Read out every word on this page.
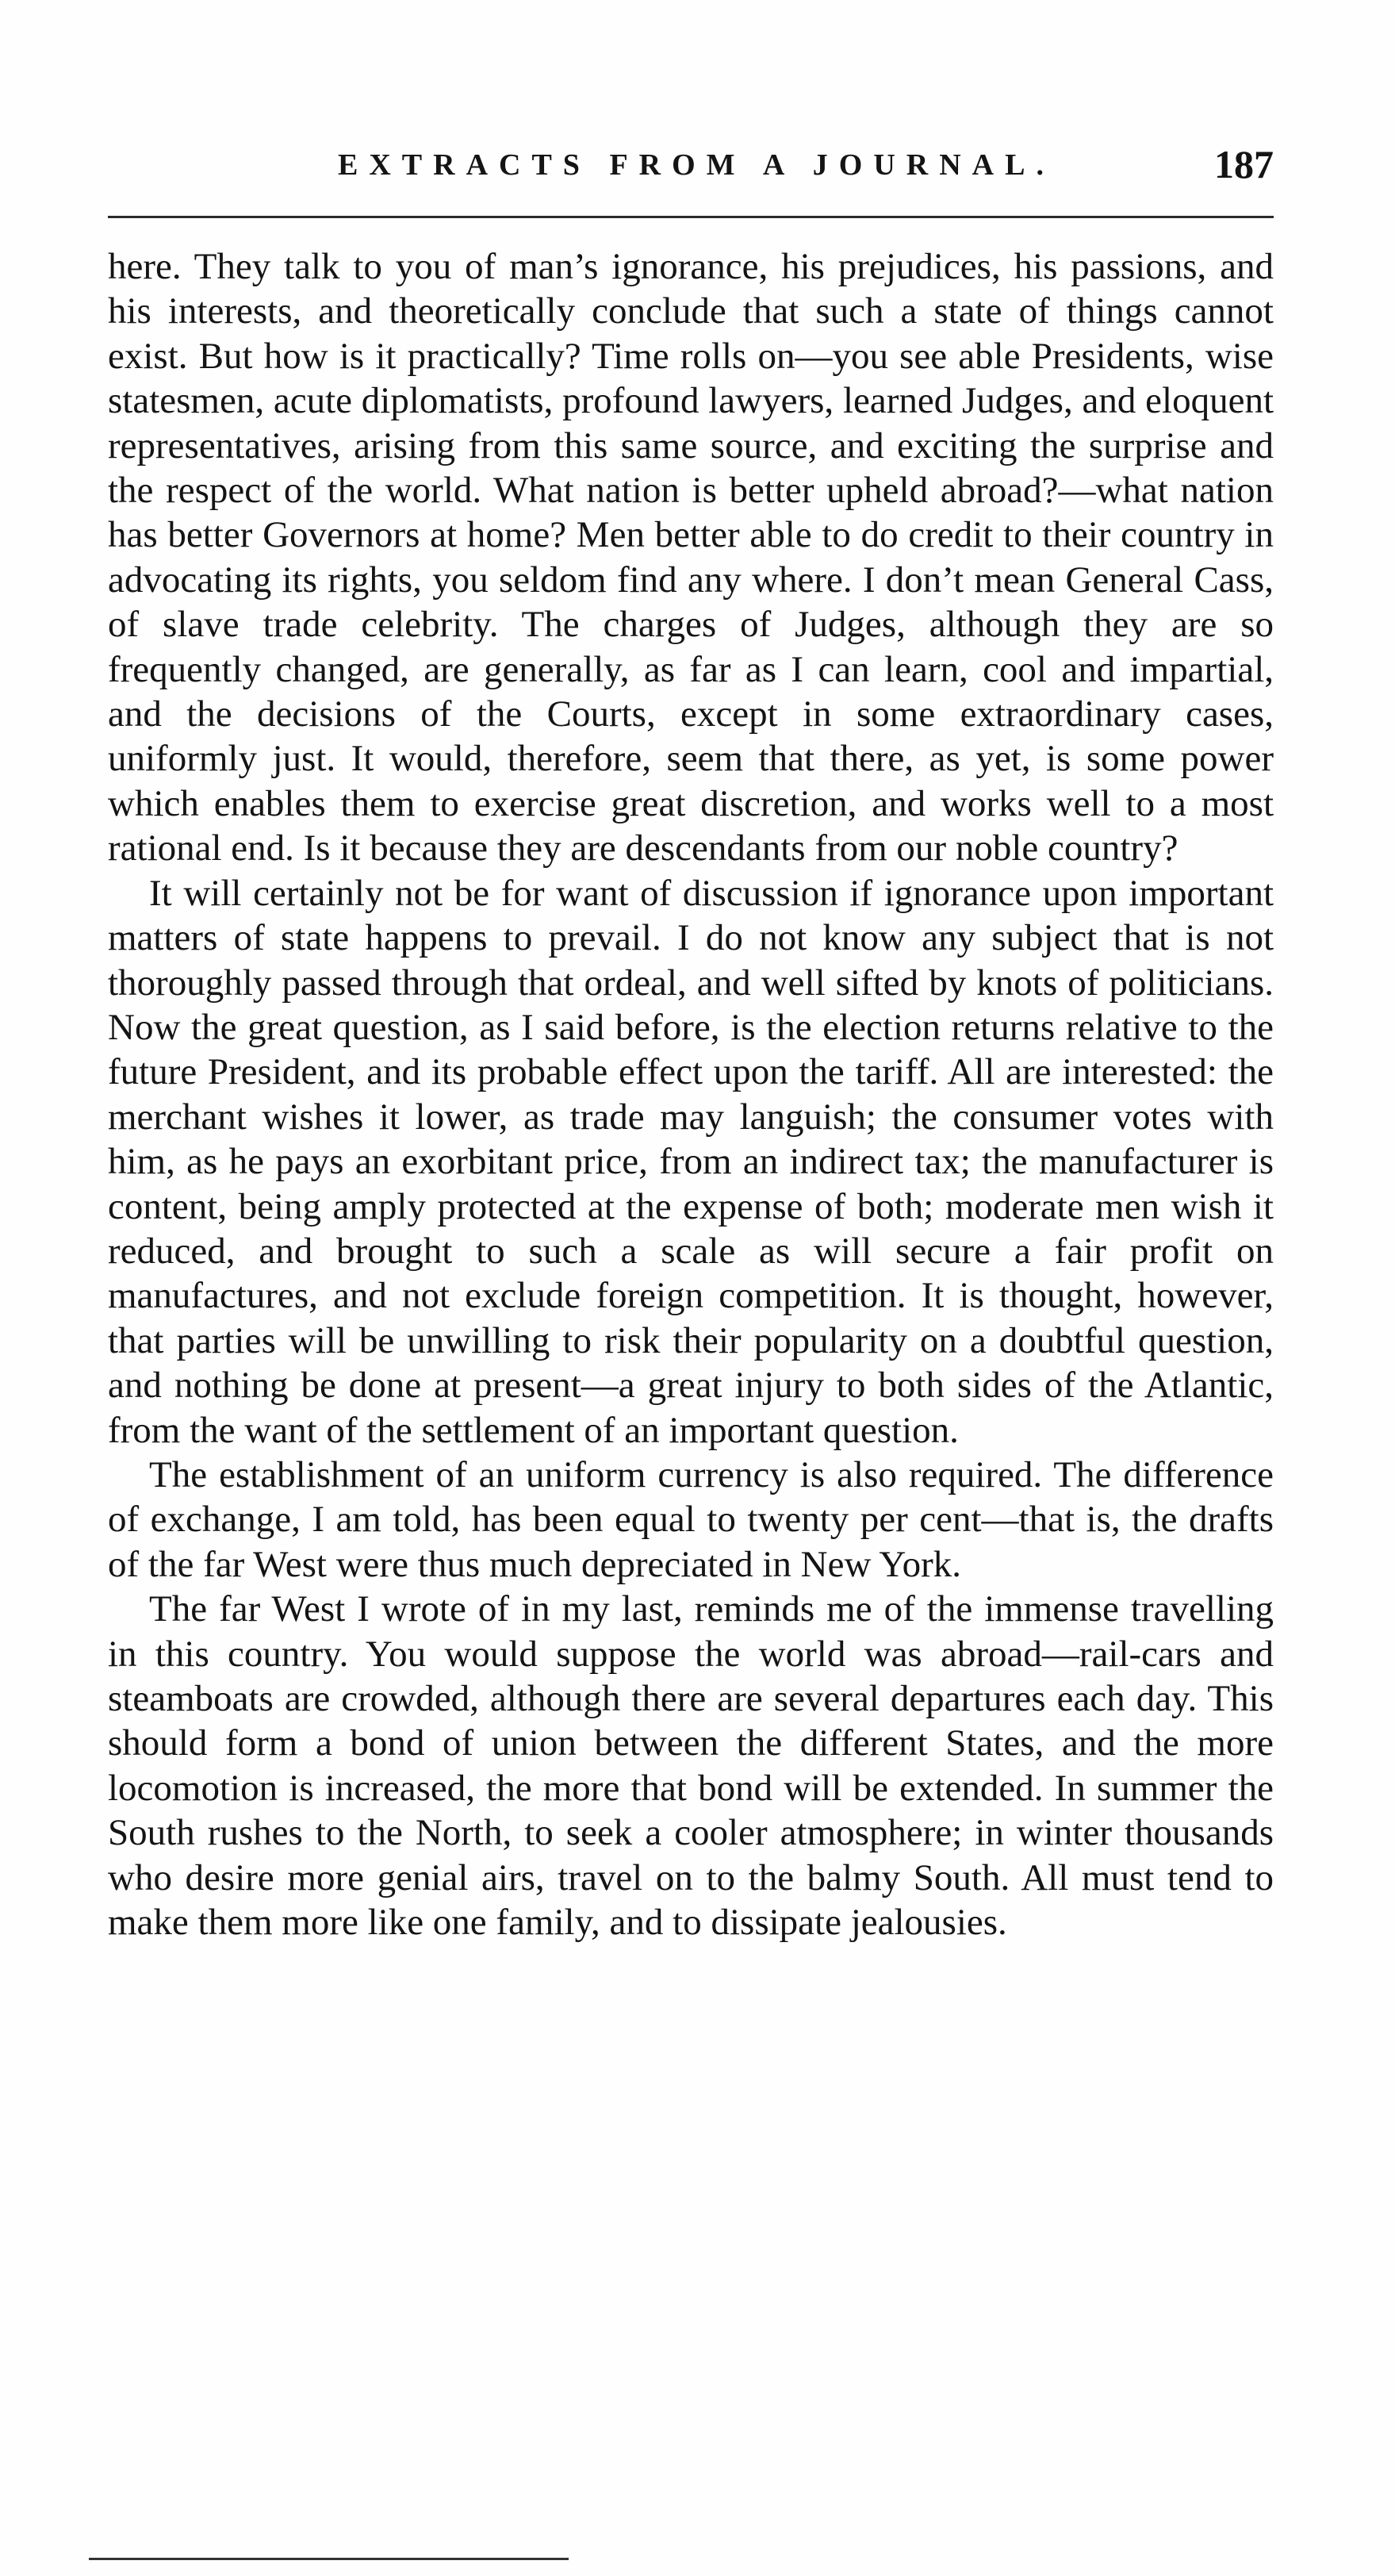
EXTRACTS FROM A JOURNAL.	187

here. They talk to you of man’s ignorance, his prejudices, his passions, and his interests, and theoretically conclude that such a state of things cannot exist. But how is it practically? Time rolls on—you see able Presidents, wise statesmen, acute diplomatists, profound lawyers, learned Judges, and eloquent representatives, arising from this same source, and exciting the surprise and the respect of the world. What nation is better upheld abroad?—what nation has better Governors at home? Men better able to do credit to their country in advocating its rights, you seldom find any where. I don’t mean General Cass, of slave trade celebrity. The charges of Judges, although they are so frequently changed, are generally, as far as I can learn, cool and impartial, and the decisions of the Courts, except in some extraordinary cases, uniformly just. It would, therefore, seem that there, as yet, is some power which enables them to exercise great discretion, and works well to a most rational end. Is it because they are descendants from our noble country?

It will certainly not be for want of discussion if ignorance upon important matters of state happens to prevail. I do not know any subject that is not thoroughly passed through that ordeal, and well sifted by knots of politicians. Now the great question, as I said before, is the election returns relative to the future President, and its probable effect upon the tariff. All are interested: the merchant wishes it lower, as trade may languish; the consumer votes with him, as he pays an exorbitant price, from an indirect tax; the manufacturer is content, being amply protected at the expense of both; moderate men wish it reduced, and brought to such a scale as will secure a fair profit on manufactures, and not exclude foreign competition. It is thought, however, that parties will be unwilling to risk their popularity on a doubtful question, and nothing be done at present—a great injury to both sides of the Atlantic, from the want of the settlement of an important question.

The establishment of an uniform currency is also required. The difference of exchange, I am told, has been equal to twenty per cent—that is, the drafts of the far West were thus much depreciated in New York.

The far West I wrote of in my last, reminds me of the immense travelling in this country. You would suppose the world was abroad—rail-cars and steamboats are crowded, although there are several departures each day. This should form a bond of union between the different States, and the more locomotion is increased, the more that bond will be extended. In summer the South rushes to the North, to seek a cooler atmosphere; in winter thousands who desire more genial airs, travel on to the balmy South. All must tend to make them more like one family, and to dissipate jealousies.
